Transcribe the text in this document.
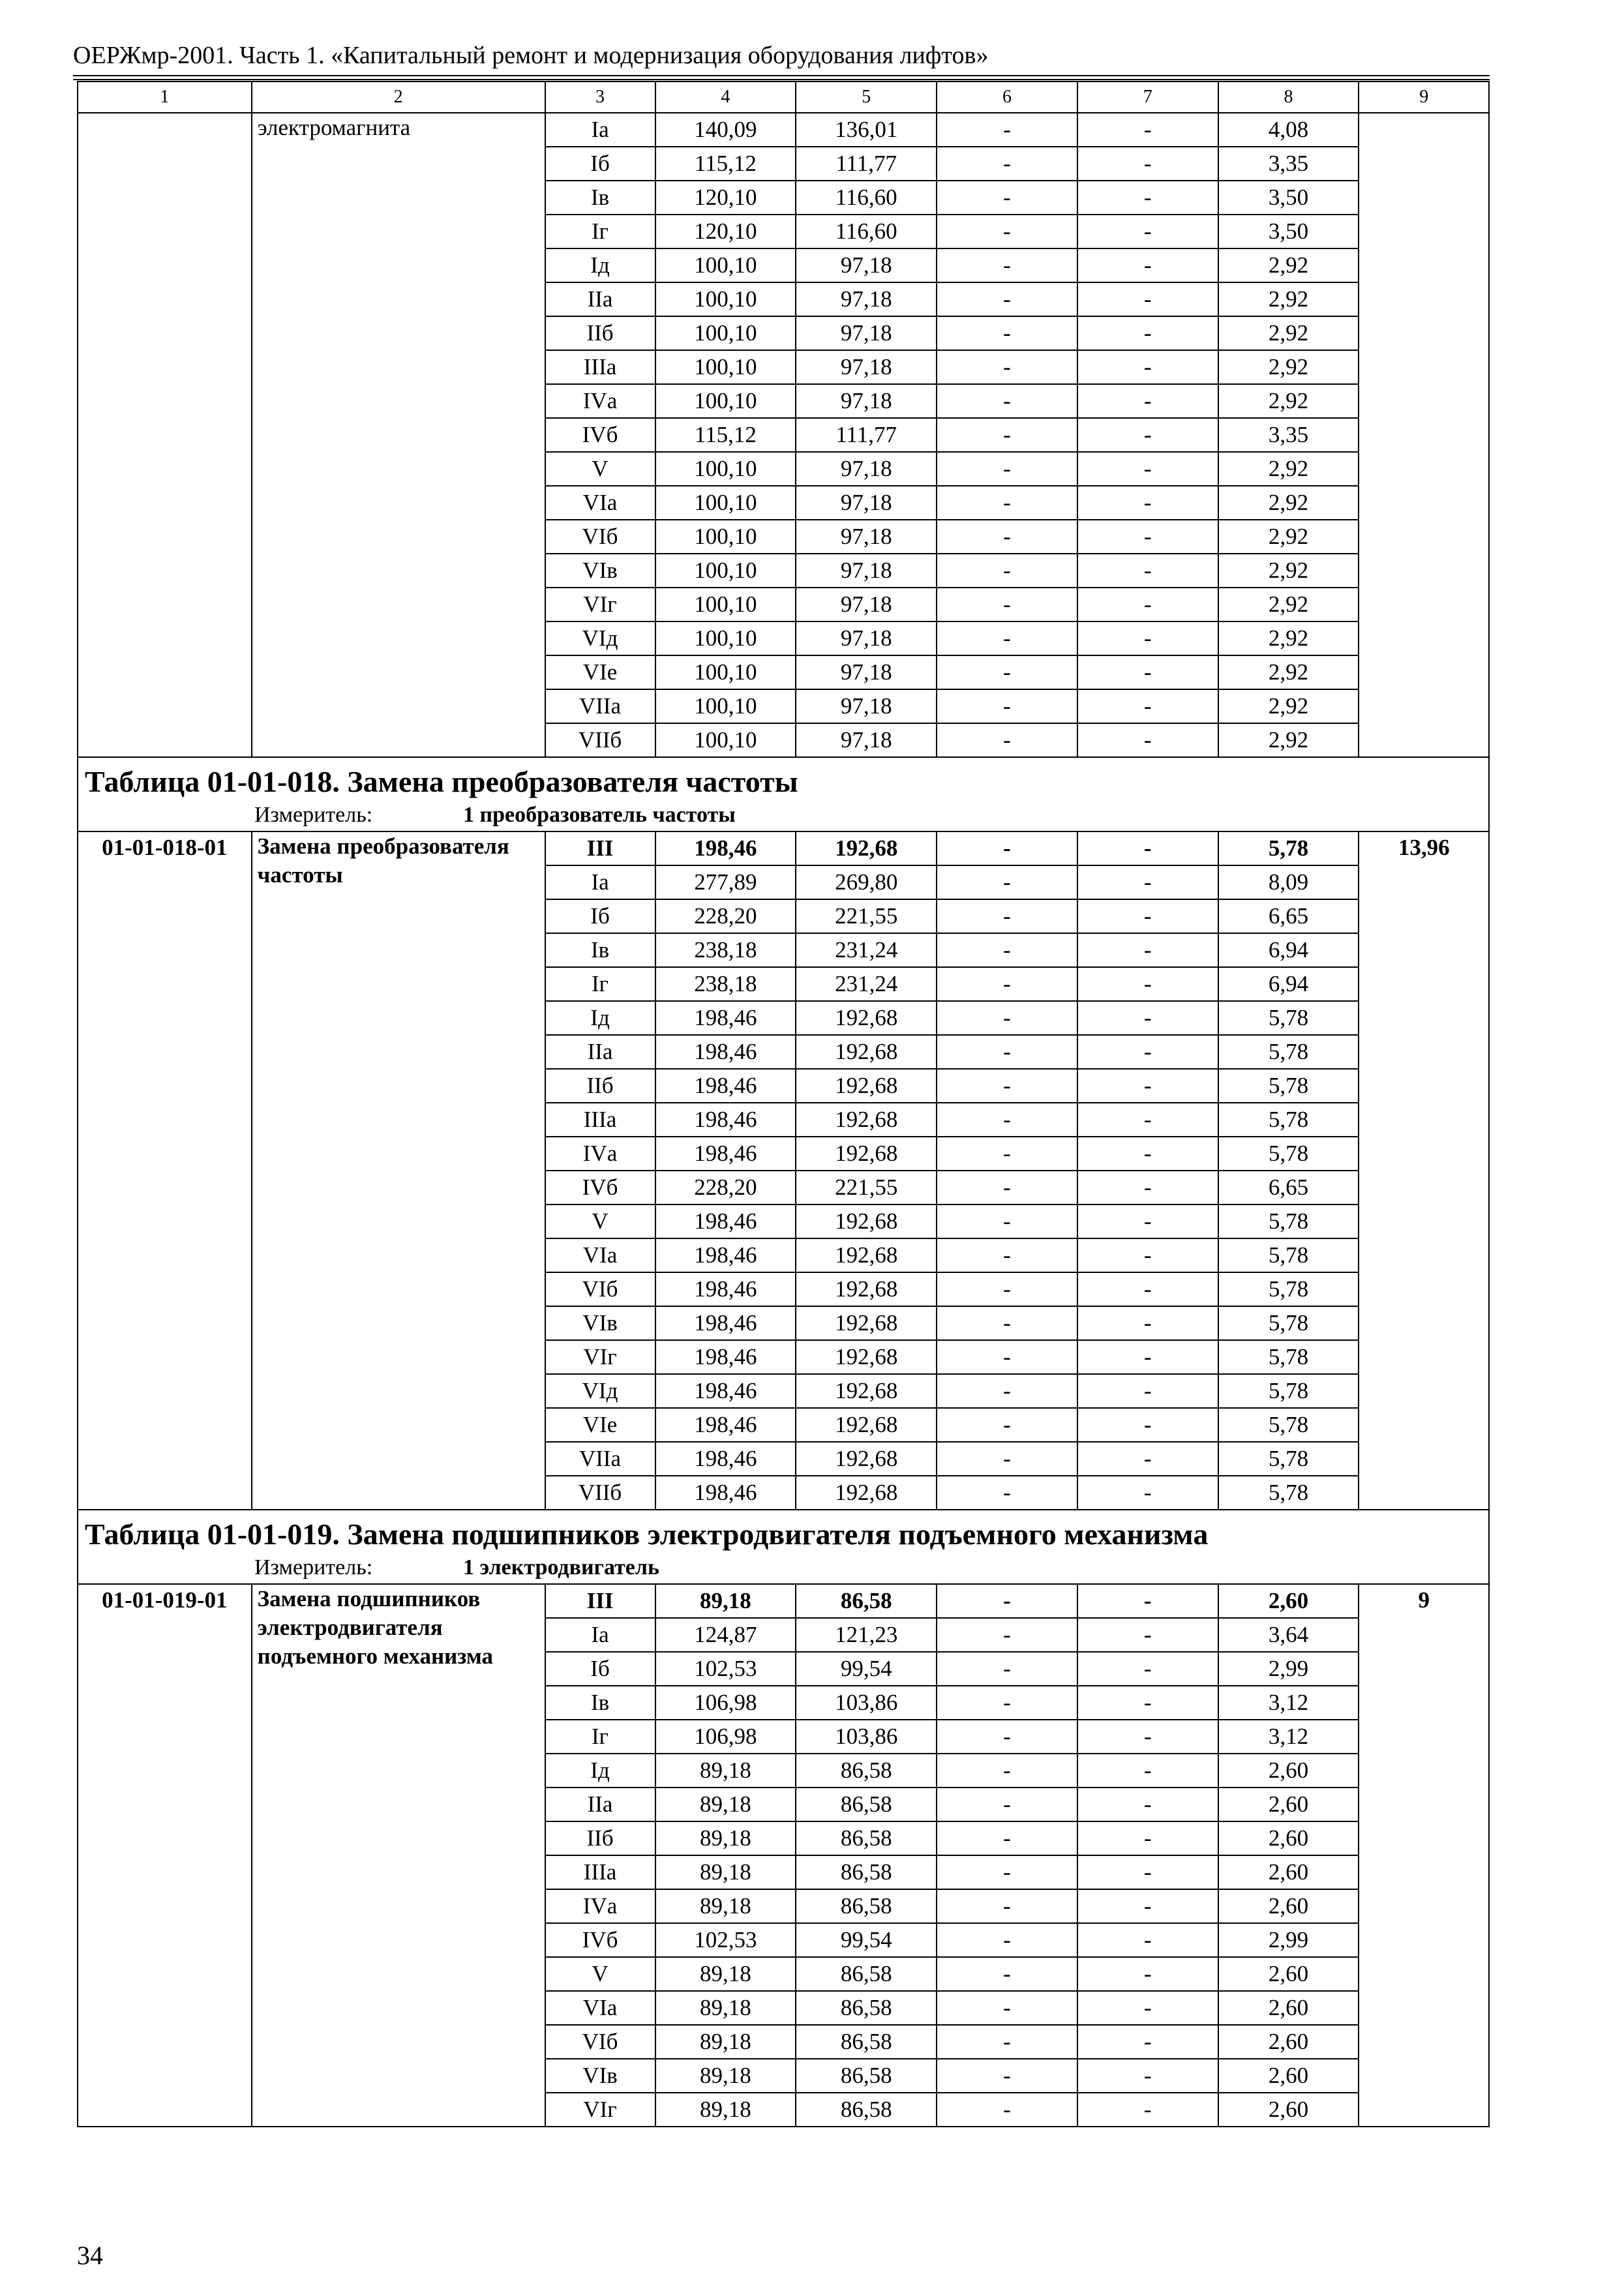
ОЕРЖмр-2001. Часть 1. «Капитальный ремонт и модернизация оборудования лифтов»
1	2	3	4	5	6	7	8	9
	электромагнита	Iа	140,09	136,01	-	-	4,08	
		Iб	115,12	111,77	-	-	3,35	
		Iв	120,10	116,60	-	-	3,50	
		Iг	120,10	116,60	-	-	3,50	
		Iд	100,10	97,18	-	-	2,92	
		IIа	100,10	97,18	-	-	2,92	
		IIб	100,10	97,18	-	-	2,92	
		IIIа	100,10	97,18	-	-	2,92	
		IVа	100,10	97,18	-	-	2,92	
		IVб	115,12	111,77	-	-	3,35	
		V	100,10	97,18	-	-	2,92	
		VIа	100,10	97,18	-	-	2,92	
		VIб	100,10	97,18	-	-	2,92	
		VIв	100,10	97,18	-	-	2,92	
		VIг	100,10	97,18	-	-	2,92	
		VIд	100,10	97,18	-	-	2,92	
		VIе	100,10	97,18	-	-	2,92	
		VIIа	100,10	97,18	-	-	2,92	
		VIIб	100,10	97,18	-	-	2,92	

Таблица 01-01-018. Замена преобразователя частоты
Измеритель: 1 преобразователь частоты								

01-01-018-01	Замена преобразователя частоты	III	198,46	192,68	-	-	5,78	13,96
		Iа	277,89	269,80	-	-	8,09	
		Iб	228,20	221,55	-	-	6,65	
		Iв	238,18	231,24	-	-	6,94	
		Iг	238,18	231,24	-	-	6,94	
		Iд	198,46	192,68	-	-	5,78	
		IIа	198,46	192,68	-	-	5,78	
		IIб	198,46	192,68	-	-	5,78	
		IIIа	198,46	192,68	-	-	5,78	
		IVа	198,46	192,68	-	-	5,78	
		IVб	228,20	221,55	-	-	6,65	
		V	198,46	192,68	-	-	5,78	
		VIа	198,46	192,68	-	-	5,78	
		VIб	198,46	192,68	-	-	5,78	
		VIв	198,46	192,68	-	-	5,78	
		VIг	198,46	192,68	-	-	5,78	
		VIд	198,46	192,68	-	-	5,78	
		VIе	198,46	192,68	-	-	5,78	
		VIIа	198,46	192,68	-	-	5,78	
		VIIб	198,46	192,68	-	-	5,78	

Таблица 01-01-019. Замена подшипников электродвигателя подъемного механизма
Измеритель: 1 электродвигатель								

01-01-019-01	Замена подшипников электродвигателя подъемного механизма	III	89,18	86,58	-	-	2,60	9
		Iа	124,87	121,23	-	-	3,64	
		Iб	102,53	99,54	-	-	2,99	
		Iв	106,98	103,86	-	-	3,12	
		Iг	106,98	103,86	-	-	3,12	
		Iд	89,18	86,58	-	-	2,60	
		IIа	89,18	86,58	-	-	2,60	
		IIб	89,18	86,58	-	-	2,60	
		IIIа	89,18	86,58	-	-	2,60	
		IVа	89,18	86,58	-	-	2,60	
		IVб	102,53	99,54	-	-	2,99	
		V	89,18	86,58	-	-	2,60	
		VIа	89,18	86,58	-	-	2,60	
		VIб	89,18	86,58	-	-	2,60	
		VIв	89,18	86,58	-	-	2,60	
		VIг	89,18	86,58	-	-	2,60	
34
